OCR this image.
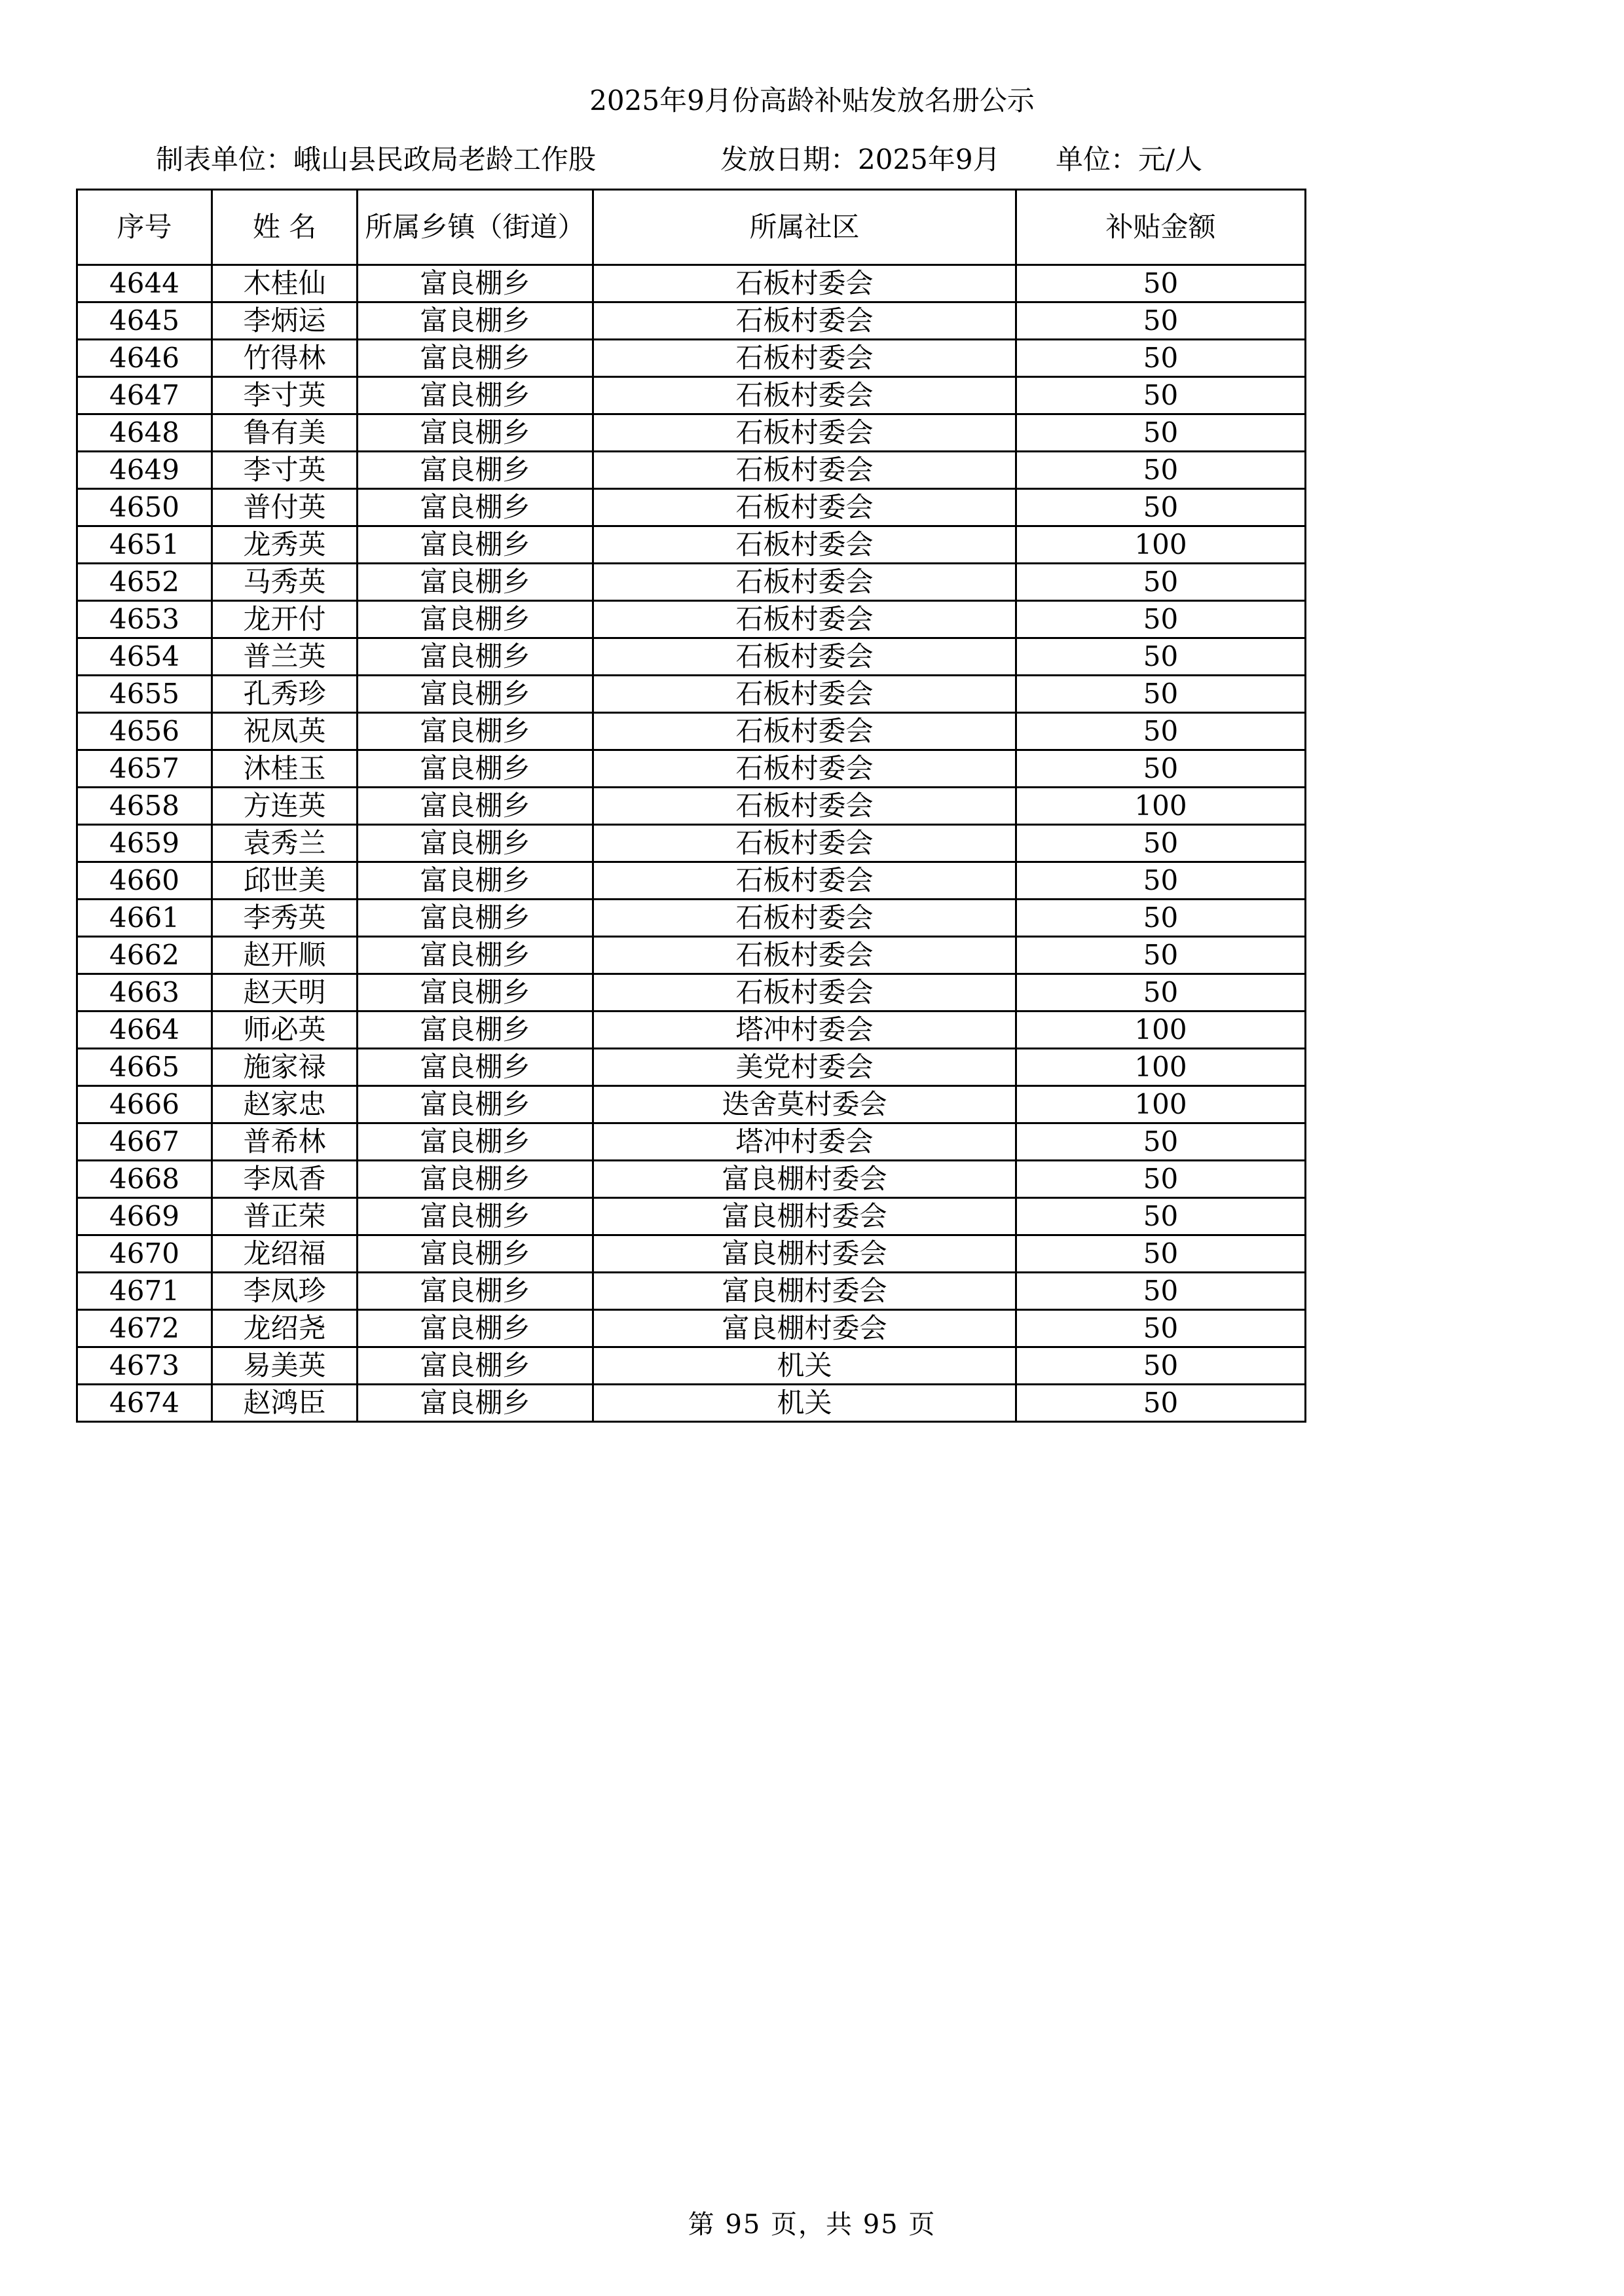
2025年9月份高龄补贴发放名册公示
制表单位：峨山县民政局老龄工作股	发放日期：2025年9月 单位：元/人
序号	姓 名	所属乡镇（街道）	所属社区	补贴金额
4644	木桂仙	富良棚乡	石板村委会	50
4645	李炳运	富良棚乡	石板村委会	50
4646	竹得林	富良棚乡	石板村委会	50
4647	李寸英	富良棚乡	石板村委会	50
4648	鲁有美	富良棚乡	石板村委会	50
4649	李寸英	富良棚乡	石板村委会	50
4650	普付英	富良棚乡	石板村委会	50
4651	龙秀英	富良棚乡	石板村委会	100
4652	马秀英	富良棚乡	石板村委会	50
4653	龙开付	富良棚乡	石板村委会	50
4654	普兰英	富良棚乡	石板村委会	50
4655	孔秀珍	富良棚乡	石板村委会	50
4656	祝凤英	富良棚乡	石板村委会	50
4657	沐桂玉	富良棚乡	石板村委会	50
4658	方连英	富良棚乡	石板村委会	100
4659	袁秀兰	富良棚乡	石板村委会	50
4660	邱世美	富良棚乡	石板村委会	50
4661	李秀英	富良棚乡	石板村委会	50
4662	赵开顺	富良棚乡	石板村委会	50
4663	赵天明	富良棚乡	石板村委会	50
4664	师必英	富良棚乡	塔冲村委会	100
4665	施家禄	富良棚乡	美党村委会	100
4666	赵家忠	富良棚乡	迭舍莫村委会	100
4667	普希林	富良棚乡	塔冲村委会	50
4668	李凤香	富良棚乡	富良棚村委会	50
4669	普正荣	富良棚乡	富良棚村委会	50
4670	龙绍福	富良棚乡	富良棚村委会	50
4671	李凤珍	富良棚乡	富良棚村委会	50
4672	龙绍尧	富良棚乡	富良棚村委会	50
4673	易美英	富良棚乡	机关	50
4674	赵鸿臣	富良棚乡	机关	50
第 95 页，共 95 页
